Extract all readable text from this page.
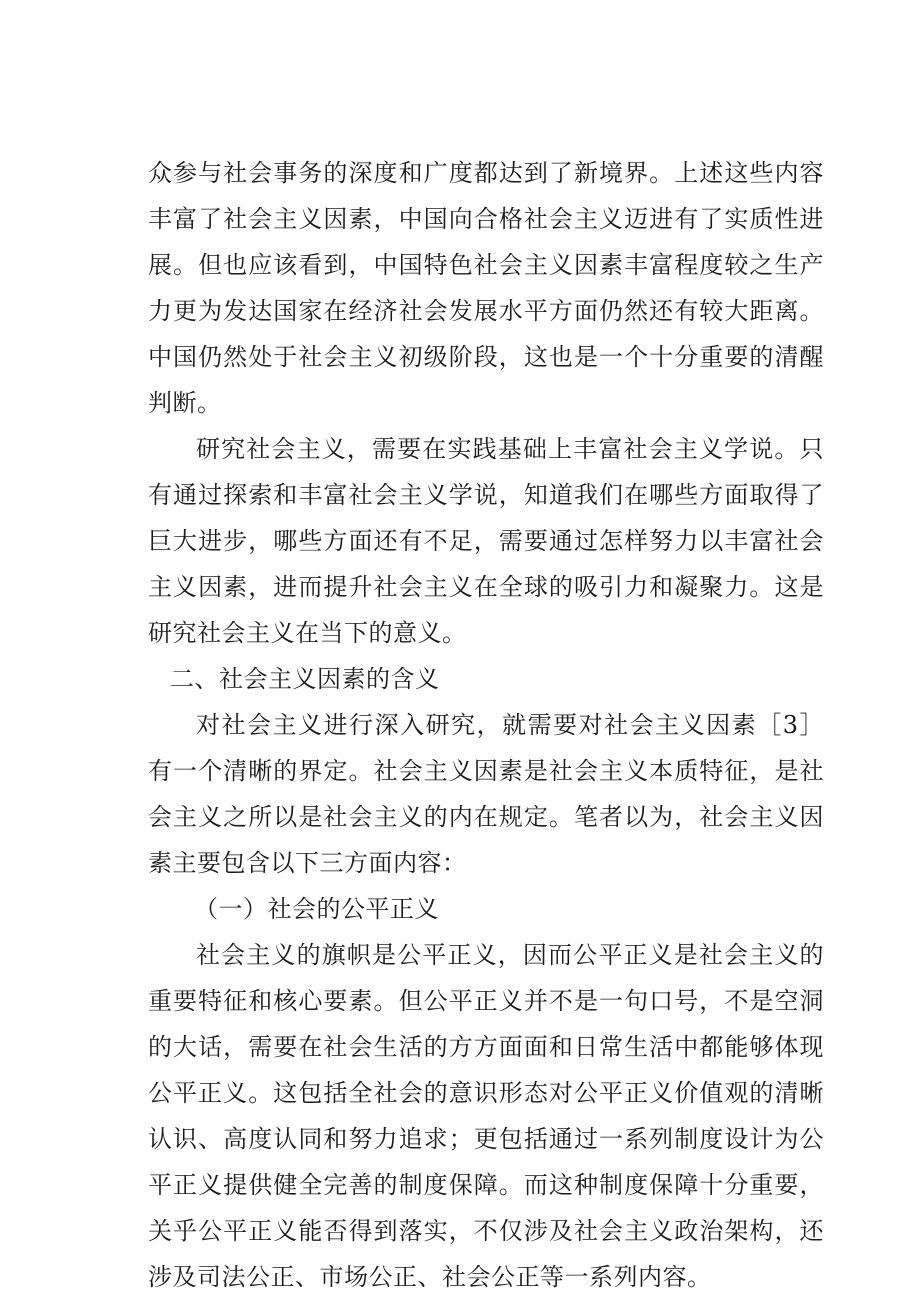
众参与社会事务的深度和广度都达到了新境界。上述这些内容丰富了社会主义因素，中国向合格社会主义迈进有了实质性进展。但也应该看到，中国特色社会主义因素丰富程度较之生产力更为发达国家在经济社会发展水平方面仍然还有较大距离。中国仍然处于社会主义初级阶段，这也是一个十分重要的清醒判断。

研究社会主义，需要在实践基础上丰富社会主义学说。只有通过探索和丰富社会主义学说，知道我们在哪些方面取得了巨大进步，哪些方面还有不足，需要通过怎样努力以丰富社会主义因素，进而提升社会主义在全球的吸引力和凝聚力。这是研究社会主义在当下的意义。

二、社会主义因素的含义

对社会主义进行深入研究，就需要对社会主义因素［3］有一个清晰的界定。社会主义因素是社会主义本质特征，是社会主义之所以是社会主义的内在规定。笔者以为，社会主义因素主要包含以下三方面内容：

（一）社会的公平正义

社会主义的旗帜是公平正义，因而公平正义是社会主义的重要特征和核心要素。但公平正义并不是一句口号，不是空洞的大话，需要在社会生活的方方面面和日常生活中都能够体现公平正义。这包括全社会的意识形态对公平正义价值观的清晰认识、高度认同和努力追求；更包括通过一系列制度设计为公平正义提供健全完善的制度保障。而这种制度保障十分重要，关乎公平正义能否得到落实，不仅涉及社会主义政治架构，还涉及司法公正、市场公正、社会公正等一系列内容。
